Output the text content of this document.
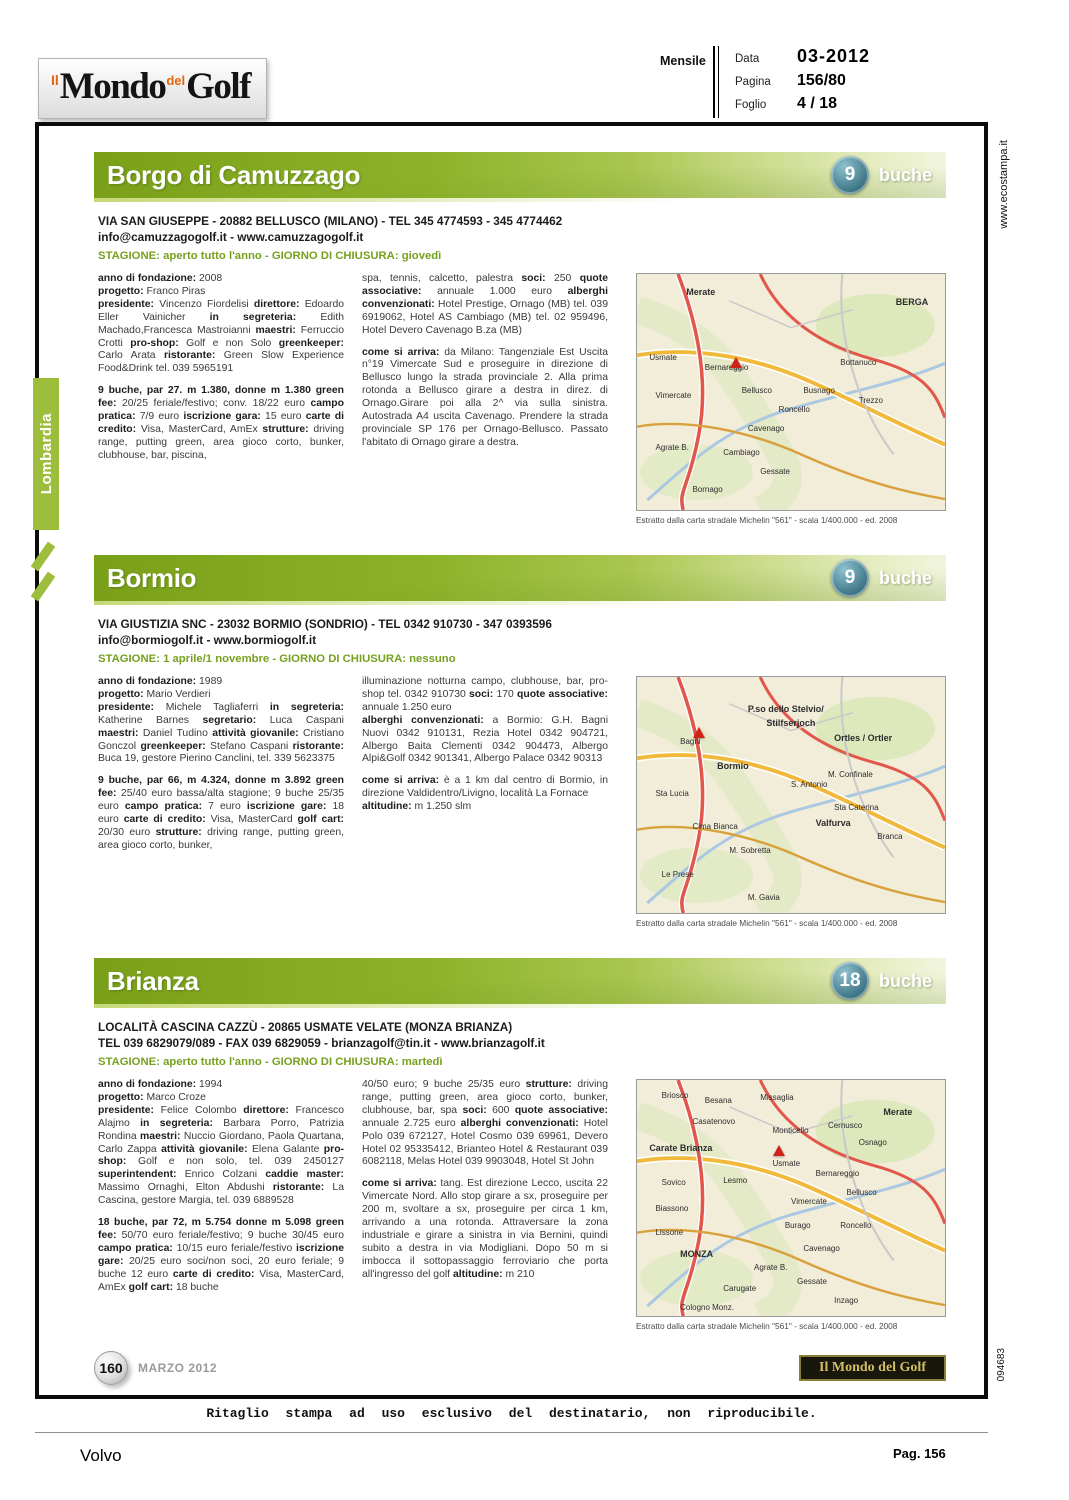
IlMondo$^{del}$Golf
Mensile	Data	03-2012
Pagina	156/80
Foglio	4 / 18
www.ecostampa.it
094683
Lombardia
Borgo di Camuzzago	9 buche
VIA SAN GIUSEPPE - 20882 BELLUSCO (MILANO) - TEL 345 4774593 - 345 4774462
info@camuzzagogolf.it - www.camuzzagogolf.it

STAGIONE: aperto tutto l'anno - GIORNO DI CHIUSURA: giovedì

anno di fondazione: 2008

progetto: Franco Piras

presidente: Vincenzo Fiordelisi direttore: Edoardo Eller Vainicher in segreteria: Edith Machado,Francesca Mastroianni maestri: Ferruccio Crotti pro-shop: Golf e non Solo greenkeeper: Carlo Arata ristorante: Green Slow Experience Food&Drink tel. 039 5965191

9 buche, par 27. m 1.380, donne m 1.380 green fee: 20/25 feriale/festivo; conv. 18/22 euro campo pratica: 7/9 euro iscrizione gara: 15 euro carte di credito: Visa, MasterCard, AmEx strutture: driving range, putting green, area gioco corto, bunker, clubhouse, bar, piscina,

spa, tennis, calcetto, palestra soci: 250 quote associative: annuale 1.000 euro alberghi convenzionati: Hotel Prestige, Ornago (MB) tel. 039 6919062, Hotel AS Cambiago (MB) tel. 02 959496, Hotel Devero Cavenago B.za (MB)

come si arriva: da Milano: Tangenziale Est Uscita n°19 Vimercate Sud e proseguire in direzione di Bellusco lungo la strada provinciale 2. Alla prima rotonda a Bellusco girare a destra in direz. di Ornago.Girare poi alla 2^ via sulla sinistra. Autostrada A4 uscita Cavenago. Prendere la strada provinciale SP 176 per Ornago-Bellusco. Passato l'abitato di Ornago girare a destra.

Merate
BERGA
Usmate
Bernareggio
Bottanuco
Vimercate
Bellusco	Busnago
Trezzo
Roncello
Cavenago
Agrate B.
Cambiago
Gessate
Bornago
Estratto dalla carta stradale Michelin "561" - scala 1/400.000 - ed. 2008
Bormio	9 buche
VIA GIUSTIZIA SNC - 23032 BORMIO (SONDRIO) - TEL 0342 910730 - 347 0393596
info@bormiogolf.it - www.bormiogolf.it

STAGIONE: 1 aprile/1 novembre - GIORNO DI CHIUSURA: nessuno

anno di fondazione: 1989

progetto: Mario Verdieri

presidente: Michele Tagliaferri in segreteria: Katherine Barnes segretario: Luca Caspani maestri: Daniel Tudino attività giovanile: Cristiano Gonczol greenkeeper: Stefano Caspani ristorante: Buca 19, gestore Pierino Canclini, tel. 339 5623375

9 buche, par 66, m 4.324, donne m 3.892 green fee: 25/40 euro bassa/alta stagione; 9 buche 25/35 euro campo pratica: 7 euro iscrizione gare: 18 euro carte di credito: Visa, MasterCard golf cart: 20/30 euro strutture: driving range, putting green, area gioco corto, bunker,

illuminazione notturna campo, clubhouse, bar, pro-shop tel. 0342 910730 soci: 170 quote associative: annuale 1.250 euro

alberghi convenzionati: a Bormio: G.H. Bagni Nuovi 0342 910131, Rezia Hotel 0342 904721, Albergo Baita Clementi 0342 904473, Albergo Alpi&Golf 0342 901341, Albergo Palace 0342 90313

come si arriva: è a 1 km dal centro di Bormio, in direzione Valdidentro/Livigno, località La Fornace

altitudine: m 1.250 slm

P.so dello Stelvio/
Stilfserjoch
Ortles / Ortler
Bagni
Bormio
M. Confinale
S. Antonio
Sta Lucia
Sta Caterina
Valfurva
Cima Bianca
Branca
M. Sobretta
Le Prese
M. Gavia
Estratto dalla carta stradale Michelin "561" - scala 1/400.000 - ed. 2008
Brianza	18 buche
LOCALITÀ CASCINA CAZZÙ - 20865 USMATE VELATE (MONZA BRIANZA)
TEL 039 6829079/089 - FAX 039 6829059 - brianzagolf@tin.it - www.brianzagolf.it

STAGIONE: aperto tutto l'anno - GIORNO DI CHIUSURA: martedì

anno di fondazione: 1994

progetto: Marco Croze

presidente: Felice Colombo direttore: Francesco Alajmo in segreteria: Barbara Porro, Patrizia Rondina maestri: Nuccio Giordano, Paola Quartana, Carlo Zappa attività giovanile: Elena Galante pro-shop: Golf e non solo, tel. 039 2450127 superintendent: Enrico Colzani caddie master: Massimo Ornaghi, Elton Abdushi ristorante: La Cascina, gestore Margia, tel. 039 6889528

18 buche, par 72, m 5.754 donne m 5.098 green fee: 50/70 euro feriale/festivo; 9 buche 30/45 euro campo pratica: 10/15 euro feriale/festivo iscrizione gare: 20/25 euro soci/non soci, 20 euro feriale; 9 buche 12 euro carte di credito: Visa, MasterCard, AmEx golf cart: 18 buche

40/50 euro; 9 buche 25/35 euro strutture: driving range, putting green, area gioco corto, bunker, clubhouse, bar, spa soci: 600 quote associative: annuale 2.725 euro alberghi convenzionati: Hotel Polo 039 672127, Hotel Cosmo 039 69961, Devero Hotel 02 95335412, Brianteo Hotel & Restaurant 039 6082118, Melas Hotel 039 9903048, Hotel St John

come si arriva: tang. Est direzione Lecco, uscita 22 Vimercate Nord. Allo stop girare a sx, proseguire per 200 m, svoltare a sx, proseguire per circa 1 km, arrivando a una rotonda. Attraversare la zona industriale e girare a sinistra in via Bernini, quindi subito a destra in via Modigliani. Dopo 50 m si imbocca il sottopassaggio ferroviario che porta all'ingresso del golf altitudine: m 210

Briosco
Besana	Missaglia
Merate
Casatenovo
Monticello
Cernusco
Osnago
Carate Brianza
Usmate
Bernareggio
Lesmo
Sovico
Bellusco
Vimercate
Biassono
Burago	Roncello
Lissone
Cavenago
MONZA
Agrate B.
Gessate
Carugate
Inzago
Cologno Monz.
Estratto dalla carta stradale Michelin "561" - scala 1/400.000 - ed. 2008
160 MARZO 2012	Il Mondo del Golf
Ritaglio stampa ad uso esclusivo del destinatario, non riproducibile.
Volvo	Pag. 156
